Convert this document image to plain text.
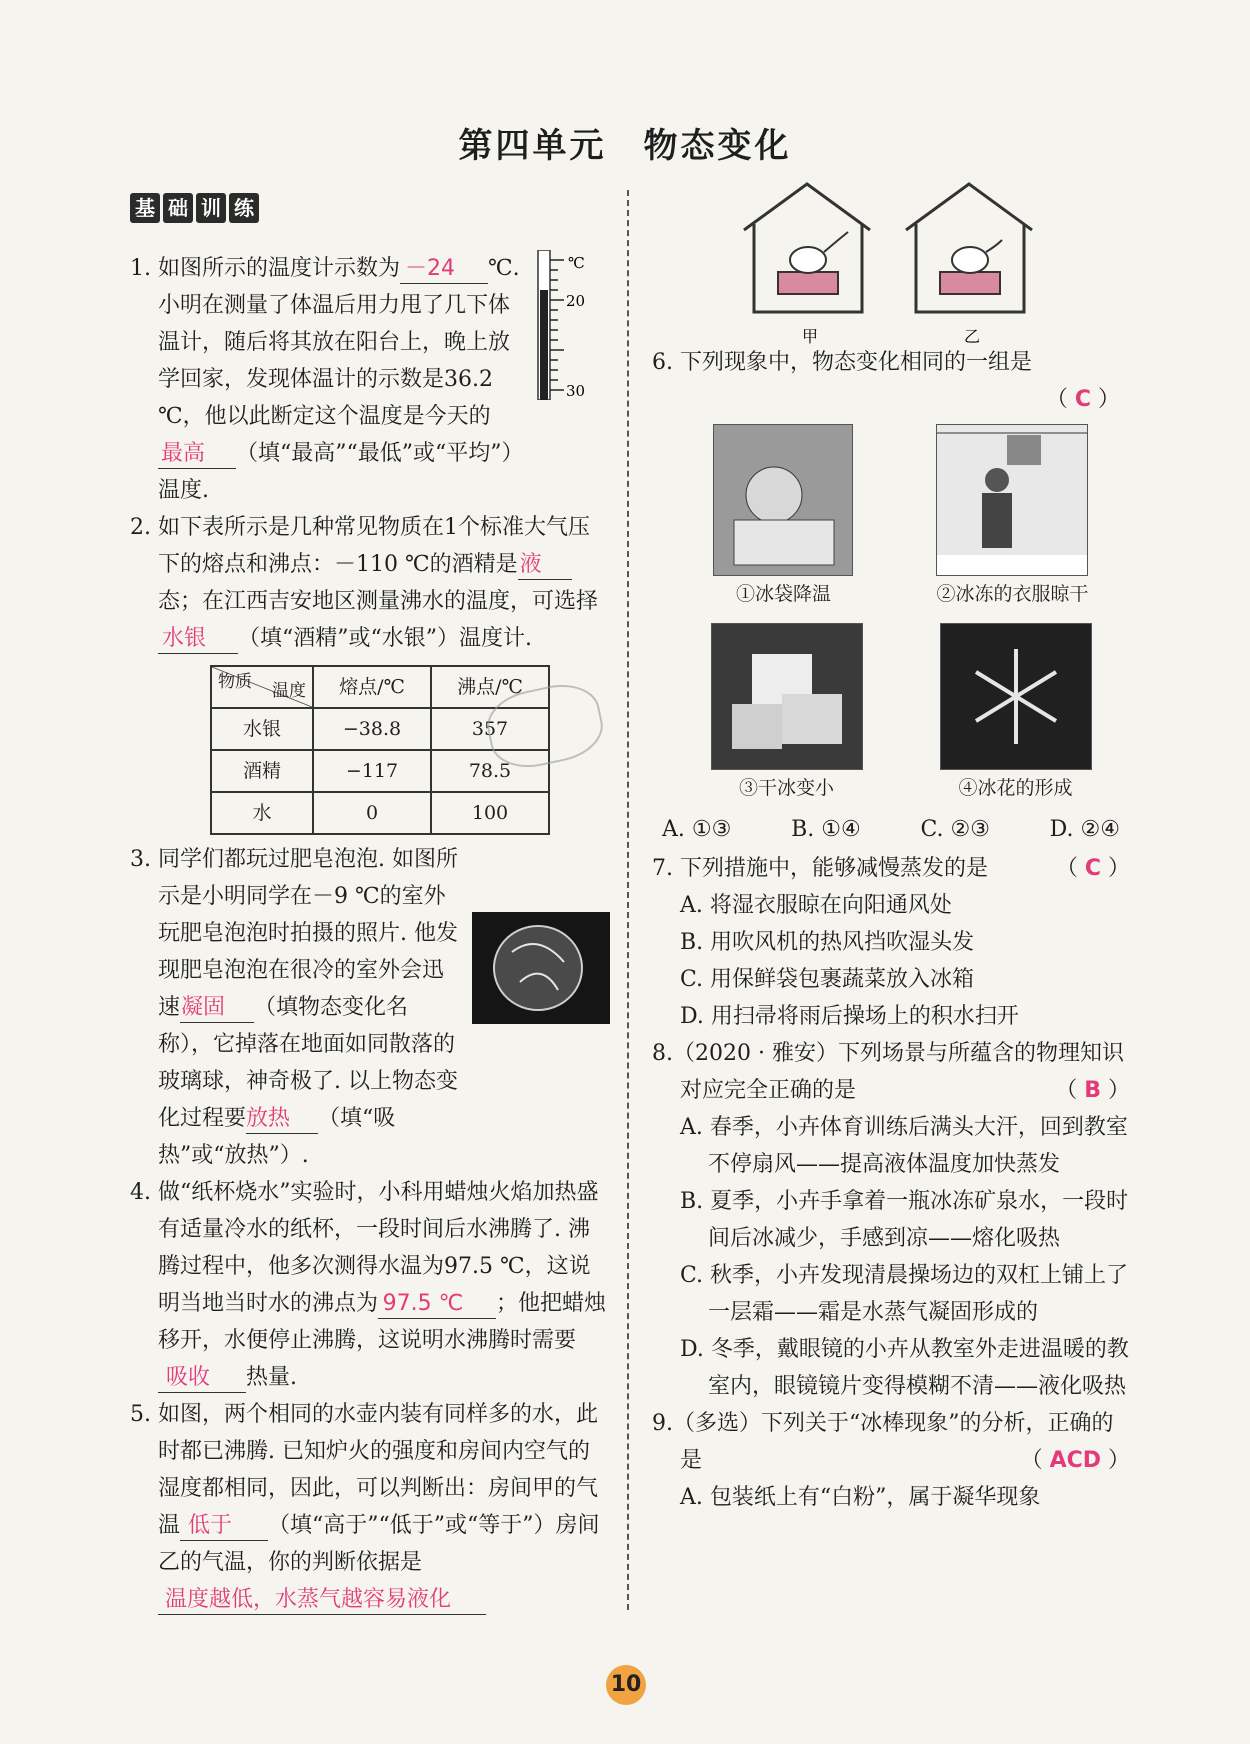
第四单元　物态变化
基 础 训 练
℃
20
30

1. 如图所示的温度计示数为 －24 ℃. 小明在测量了体温后用力甩了几下体温计，随后将其放在阳台上，晚上放学回家，发现体温计的示数是36.2 ℃，他以此断定这个温度是今天的最高 （填“最高”“最低”或“平均”）温度.

2. 如下表所示是几种常见物质在1个标准大气压下的熔点和沸点：－110 ℃的酒精是液态；在江西吉安地区测量沸水的温度，可选择水银 （填“酒精”或“水银”）温度计.

温度
物质	熔点/℃	沸点/℃
水银	−38.8	357
酒精	−117	78.5
水	0	100

3. 同学们都玩过肥皂泡泡. 如图所示是小明同学在－9 ℃的室外玩肥皂泡泡时拍摄的照片. 他发现肥皂泡泡在很冷的室外会迅速凝固 （填物态变化名称），它掉落在地面如同散落的玻璃球，神奇极了. 以上物态变化过程要放热 （填“吸热”或“放热”）.

4. 做“纸杯烧水”实验时，小科用蜡烛火焰加热盛有适量冷水的纸杯，一段时间后水沸腾了. 沸腾过程中，他多次测得水温为97.5 ℃，这说明当地当时水的沸点为 97.5 ℃ ；他把蜡烛移开，水便停止沸腾，这说明水沸腾时需要吸收 热量.

5. 如图，两个相同的水壶内装有同样多的水，此时都已沸腾. 已知炉火的强度和房间内空气的湿度都相同，因此，可以判断出：房间甲的气温 低于 （填“高于”“低于”或“等于”）房间乙的气温，你的判断依据是温度越低，水蒸气越容易液化

甲	乙

6. 下列现象中，物态变化相同的一组是

（ C ）

①冰袋降温	②冰冻的衣服晾干
③干冰变小	④冰花的形成
A. ①③	B. ①④	C. ②③	D. ②④

7. 下列措施中，能够减慢蒸发的是	（ C ）

A. 将湿衣服晾在向阳通风处

B. 用吹风机的热风挡吹湿头发

C. 用保鲜袋包裹蔬菜放入冰箱

D. 用扫帚将雨后操场上的积水扫开

8.（2020 · 雅安）下列场景与所蕴含的物理知识对应完全正确的是	（ B ）

A. 春季，小卉体育训练后满头大汗，回到教室不停扇风——提高液体温度加快蒸发

B. 夏季，小卉手拿着一瓶冰冻矿泉水，一段时间后冰减少，手感到凉——熔化吸热

C. 秋季，小卉发现清晨操场边的双杠上铺上了一层霜——霜是水蒸气凝固形成的

D. 冬季，戴眼镜的小卉从教室外走进温暖的教室内，眼镜镜片变得模糊不清——液化吸热

9.（多选）下列关于“冰棒现象”的分析，正确的是	（ ACD ）

A. 包装纸上有“白粉”，属于凝华现象

10
